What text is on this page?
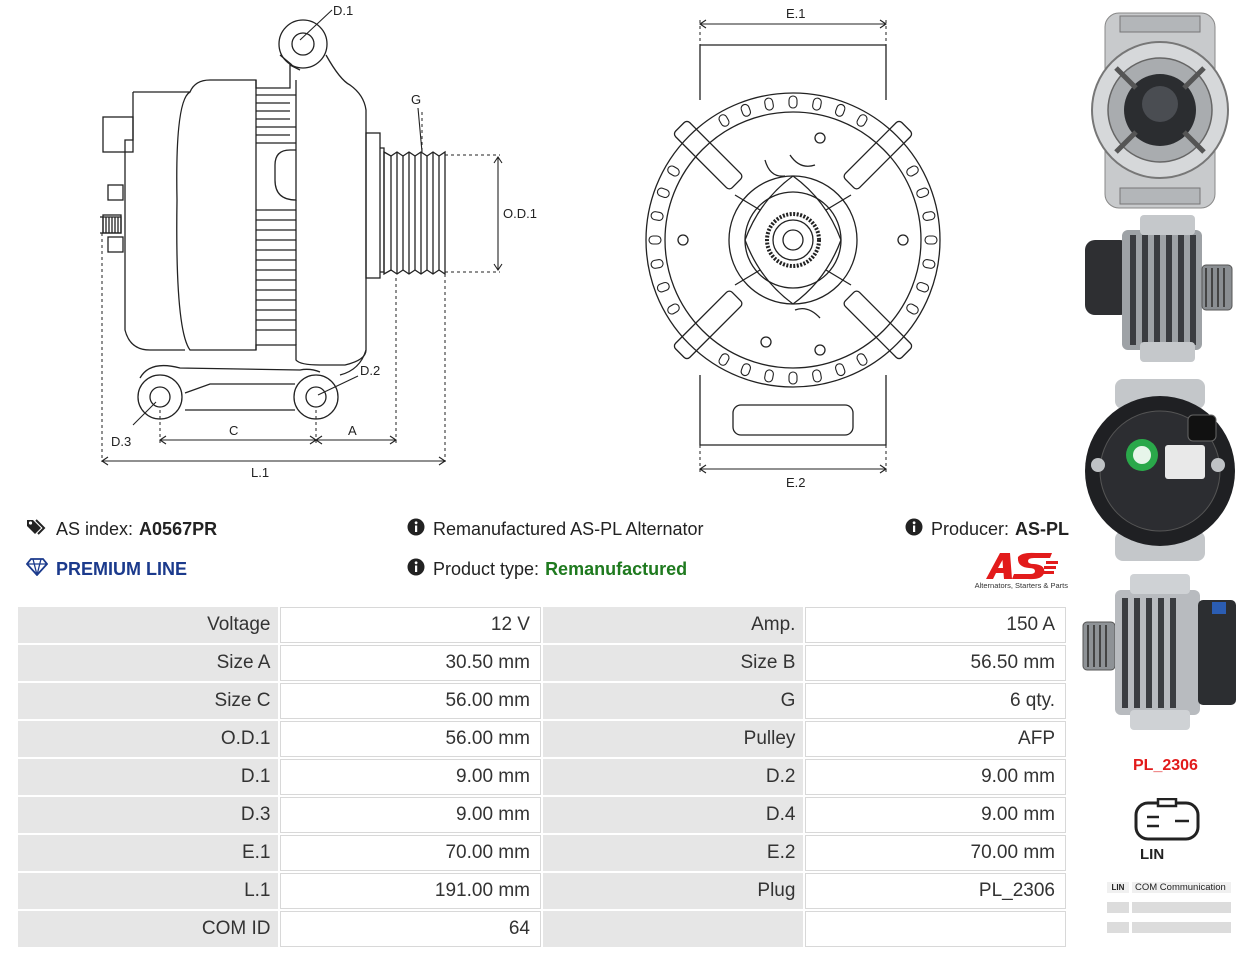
D.1
G
O.D.1
D.2
D.3
C	A
L.1
E.1
E.2
AS index: A0567PR	Remanufactured AS-PL Alternator	Producer: AS-PL
PREMIUM LINE	Product type: Remanufactured
Alternators, Starters & Parts
Voltage	12 V	Amp.	150 A
Size A	30.50 mm	Size B	56.50 mm
Size C	56.00 mm	G	6 qty.
O.D.1	56.00 mm	Pulley	AFP
D.1	9.00 mm	D.2	9.00 mm
D.3	9.00 mm	D.4	9.00 mm
E.1	70.00 mm	E.2	70.00 mm
L.1	191.00 mm	Plug	PL_2306
COM ID	64		
PL_2306
LIN
LIN	COM Communication
